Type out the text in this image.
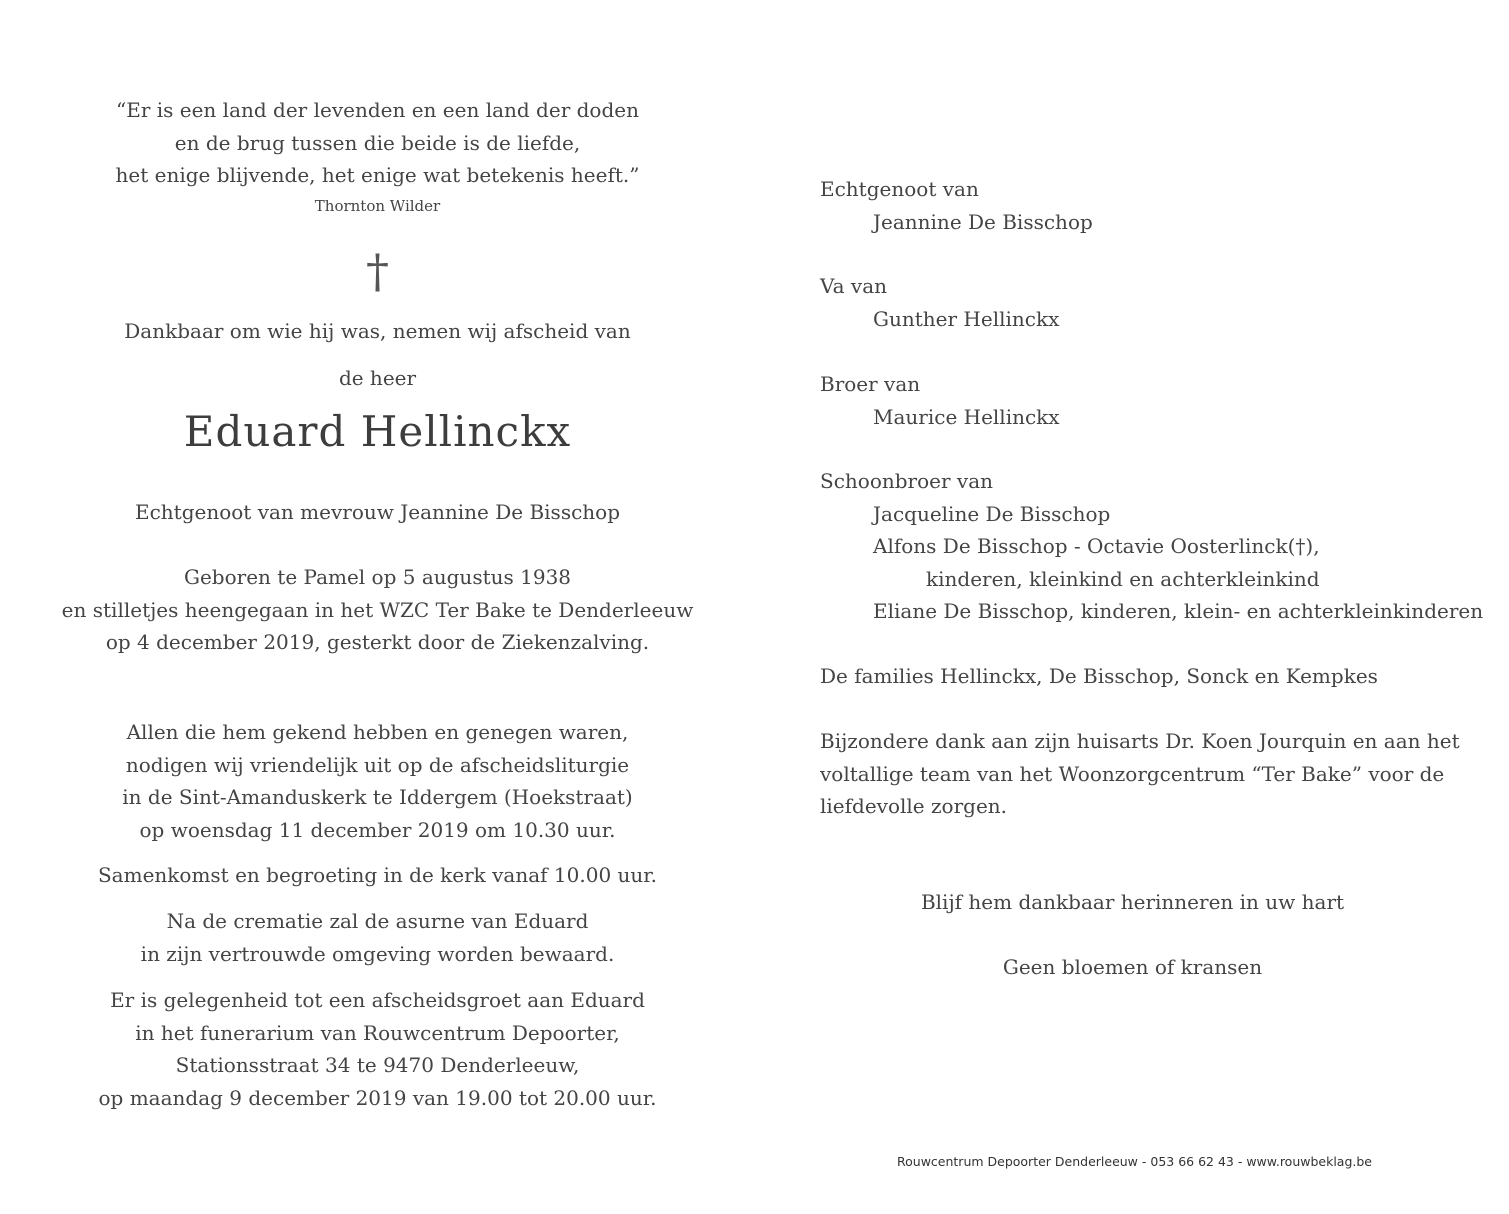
“Er is een land der levenden en een land der doden
en de brug tussen die beide is de liefde,
het enige blijvende, het enige wat betekenis heeft.”
Thornton Wilder
†
Dankbaar om wie hij was, nemen wij afscheid van
de heer
Eduard Hellinckx
Echtgenoot van mevrouw Jeannine De Bisschop
Geboren te Pamel op 5 augustus 1938
en stilletjes heengegaan in het WZC Ter Bake te Denderleeuw
op 4 december 2019, gesterkt door de Ziekenzalving.
Allen die hem gekend hebben en genegen waren,
nodigen wij vriendelijk uit op de afscheidsliturgie
in de Sint-Amanduskerk te Iddergem (Hoekstraat)
op woensdag 11 december 2019 om 10.30 uur.
Samenkomst en begroeting in de kerk vanaf 10.00 uur.
Na de crematie zal de asurne van Eduard
in zijn vertrouwde omgeving worden bewaard.
Er is gelegenheid tot een afscheidsgroet aan Eduard
in het funerarium van Rouwcentrum Depoorter,
Stationsstraat 34 te 9470 Denderleeuw,
op maandag 9 december 2019 van 19.00 tot 20.00 uur.
Echtgenoot van
Jeannine De Bisschop
Va van
Gunther Hellinckx
Broer van
Maurice Hellinckx
Schoonbroer van
Jacqueline De Bisschop
Alfons De Bisschop - Octavie Oosterlinck(†),
kinderen, kleinkind en achterkleinkind
Eliane De Bisschop, kinderen, klein- en achterkleinkinderen
De families Hellinckx, De Bisschop, Sonck en Kempkes
Bijzondere dank aan zijn huisarts Dr. Koen Jourquin en aan het voltallige team van het Woonzorgcentrum “Ter Bake” voor de liefdevolle zorgen.
Blijf hem dankbaar herinneren in uw hart
Geen bloemen of kransen
Rouwcentrum Depoorter Denderleeuw - 053 66 62 43 - www.rouwbeklag.be
